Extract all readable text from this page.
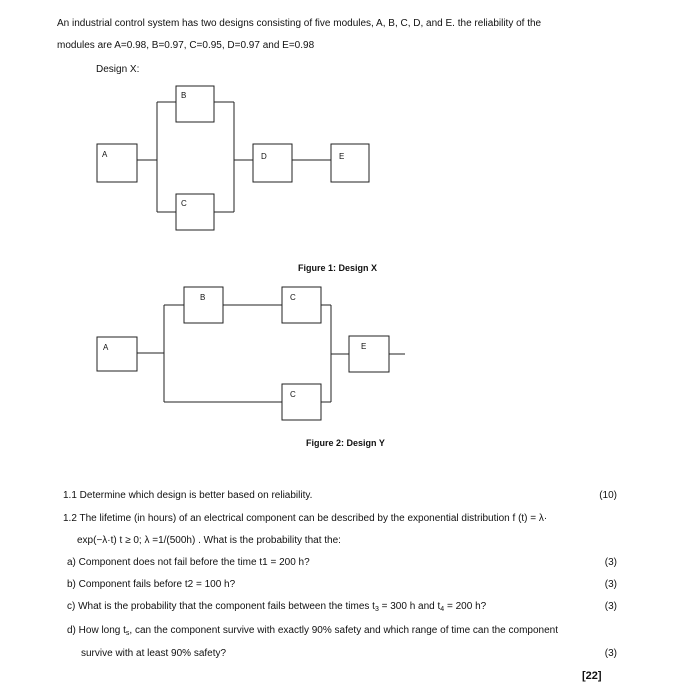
An industrial control system has two designs consisting of five modules, A, B, C, D, and E. the reliability of the
modules are A=0.98, B=0.97, C=0.95, D=0.97 and E=0.98
Design X:
A
B
C
D	E
Figure 1: Design X
A
B	C
C
E
Figure 2: Design Y
1.1 Determine which design is better based on reliability.	(10)
1.2 The lifetime (in hours) of an electrical component can be described by the exponential distribution f (t) = λ·
exp(−λ·t) t ≥ 0; λ =1/(500h) . What is the probability that the:
a) Component does not fail before the time t1 = 200 h?	(3)
b) Component fails before t2 = 100 h?	(3)
c) What is the probability that the component fails between the times $t_3 = 300$ h and $t_4 = 200$ h?	(3)
d) How long $t_s$, can the component survive with exactly 90% safety and which range of time can the component
survive with at least 90% safety?	(3)
[22]
